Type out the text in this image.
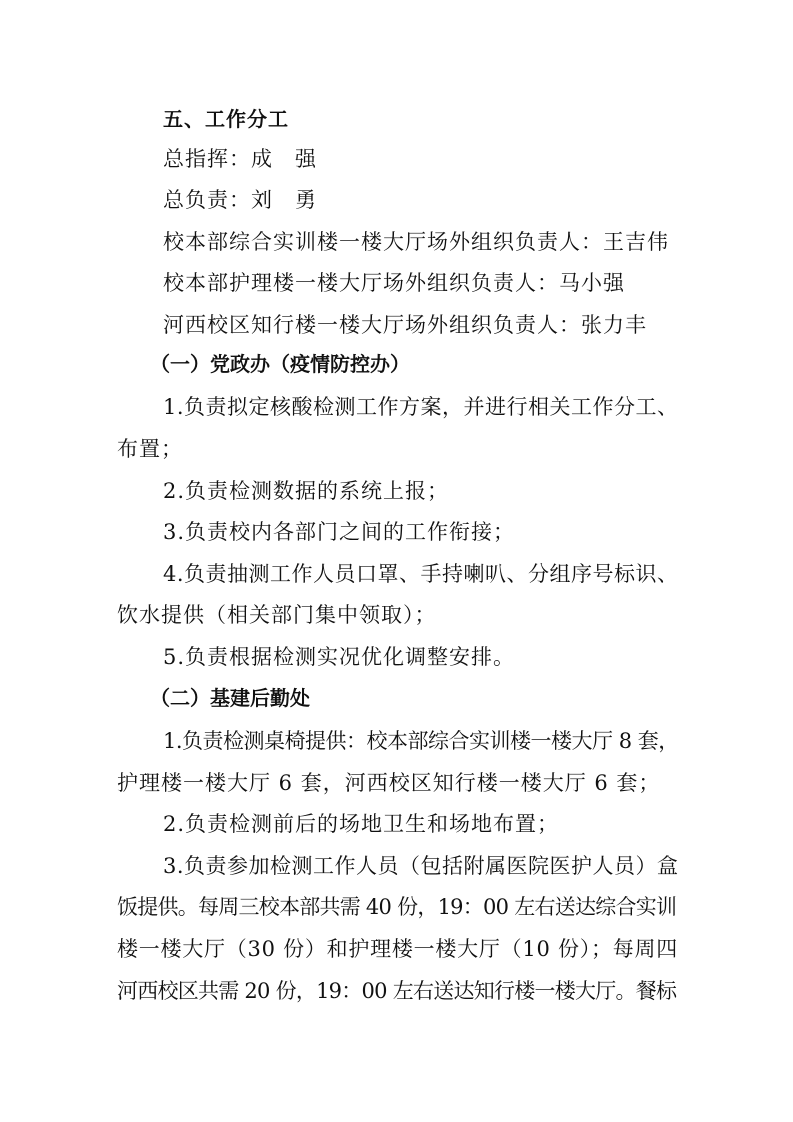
五、工作分工
总指挥：成　强
总负责：刘　勇
校本部综合实训楼一楼大厅场外组织负责人：王吉伟
校本部护理楼一楼大厅场外组织负责人：马小强
河西校区知行楼一楼大厅场外组织负责人：张力丰
（一）党政办（疫情防控办）
1.负责拟定核酸检测工作方案，并进行相关工作分工、
布置；
2.负责检测数据的系统上报；
3.负责校内各部门之间的工作衔接；
4.负责抽测工作人员口罩、手持喇叭、分组序号标识、
饮水提供（相关部门集中领取）；
5.负责根据检测实况优化调整安排。
（二）基建后勤处
1.负责检测桌椅提供：校本部综合实训楼一楼大厅 8 套，
护理楼一楼大厅 6 套，河西校区知行楼一楼大厅 6 套；
2.负责检测前后的场地卫生和场地布置；
3.负责参加检测工作人员（包括附属医院医护人员）盒
饭提供。每周三校本部共需 40 份，19：00 左右送达综合实训
楼一楼大厅（30 份）和护理楼一楼大厅（10 份）；每周四
河西校区共需 20 份，19：00 左右送达知行楼一楼大厅。餐标
